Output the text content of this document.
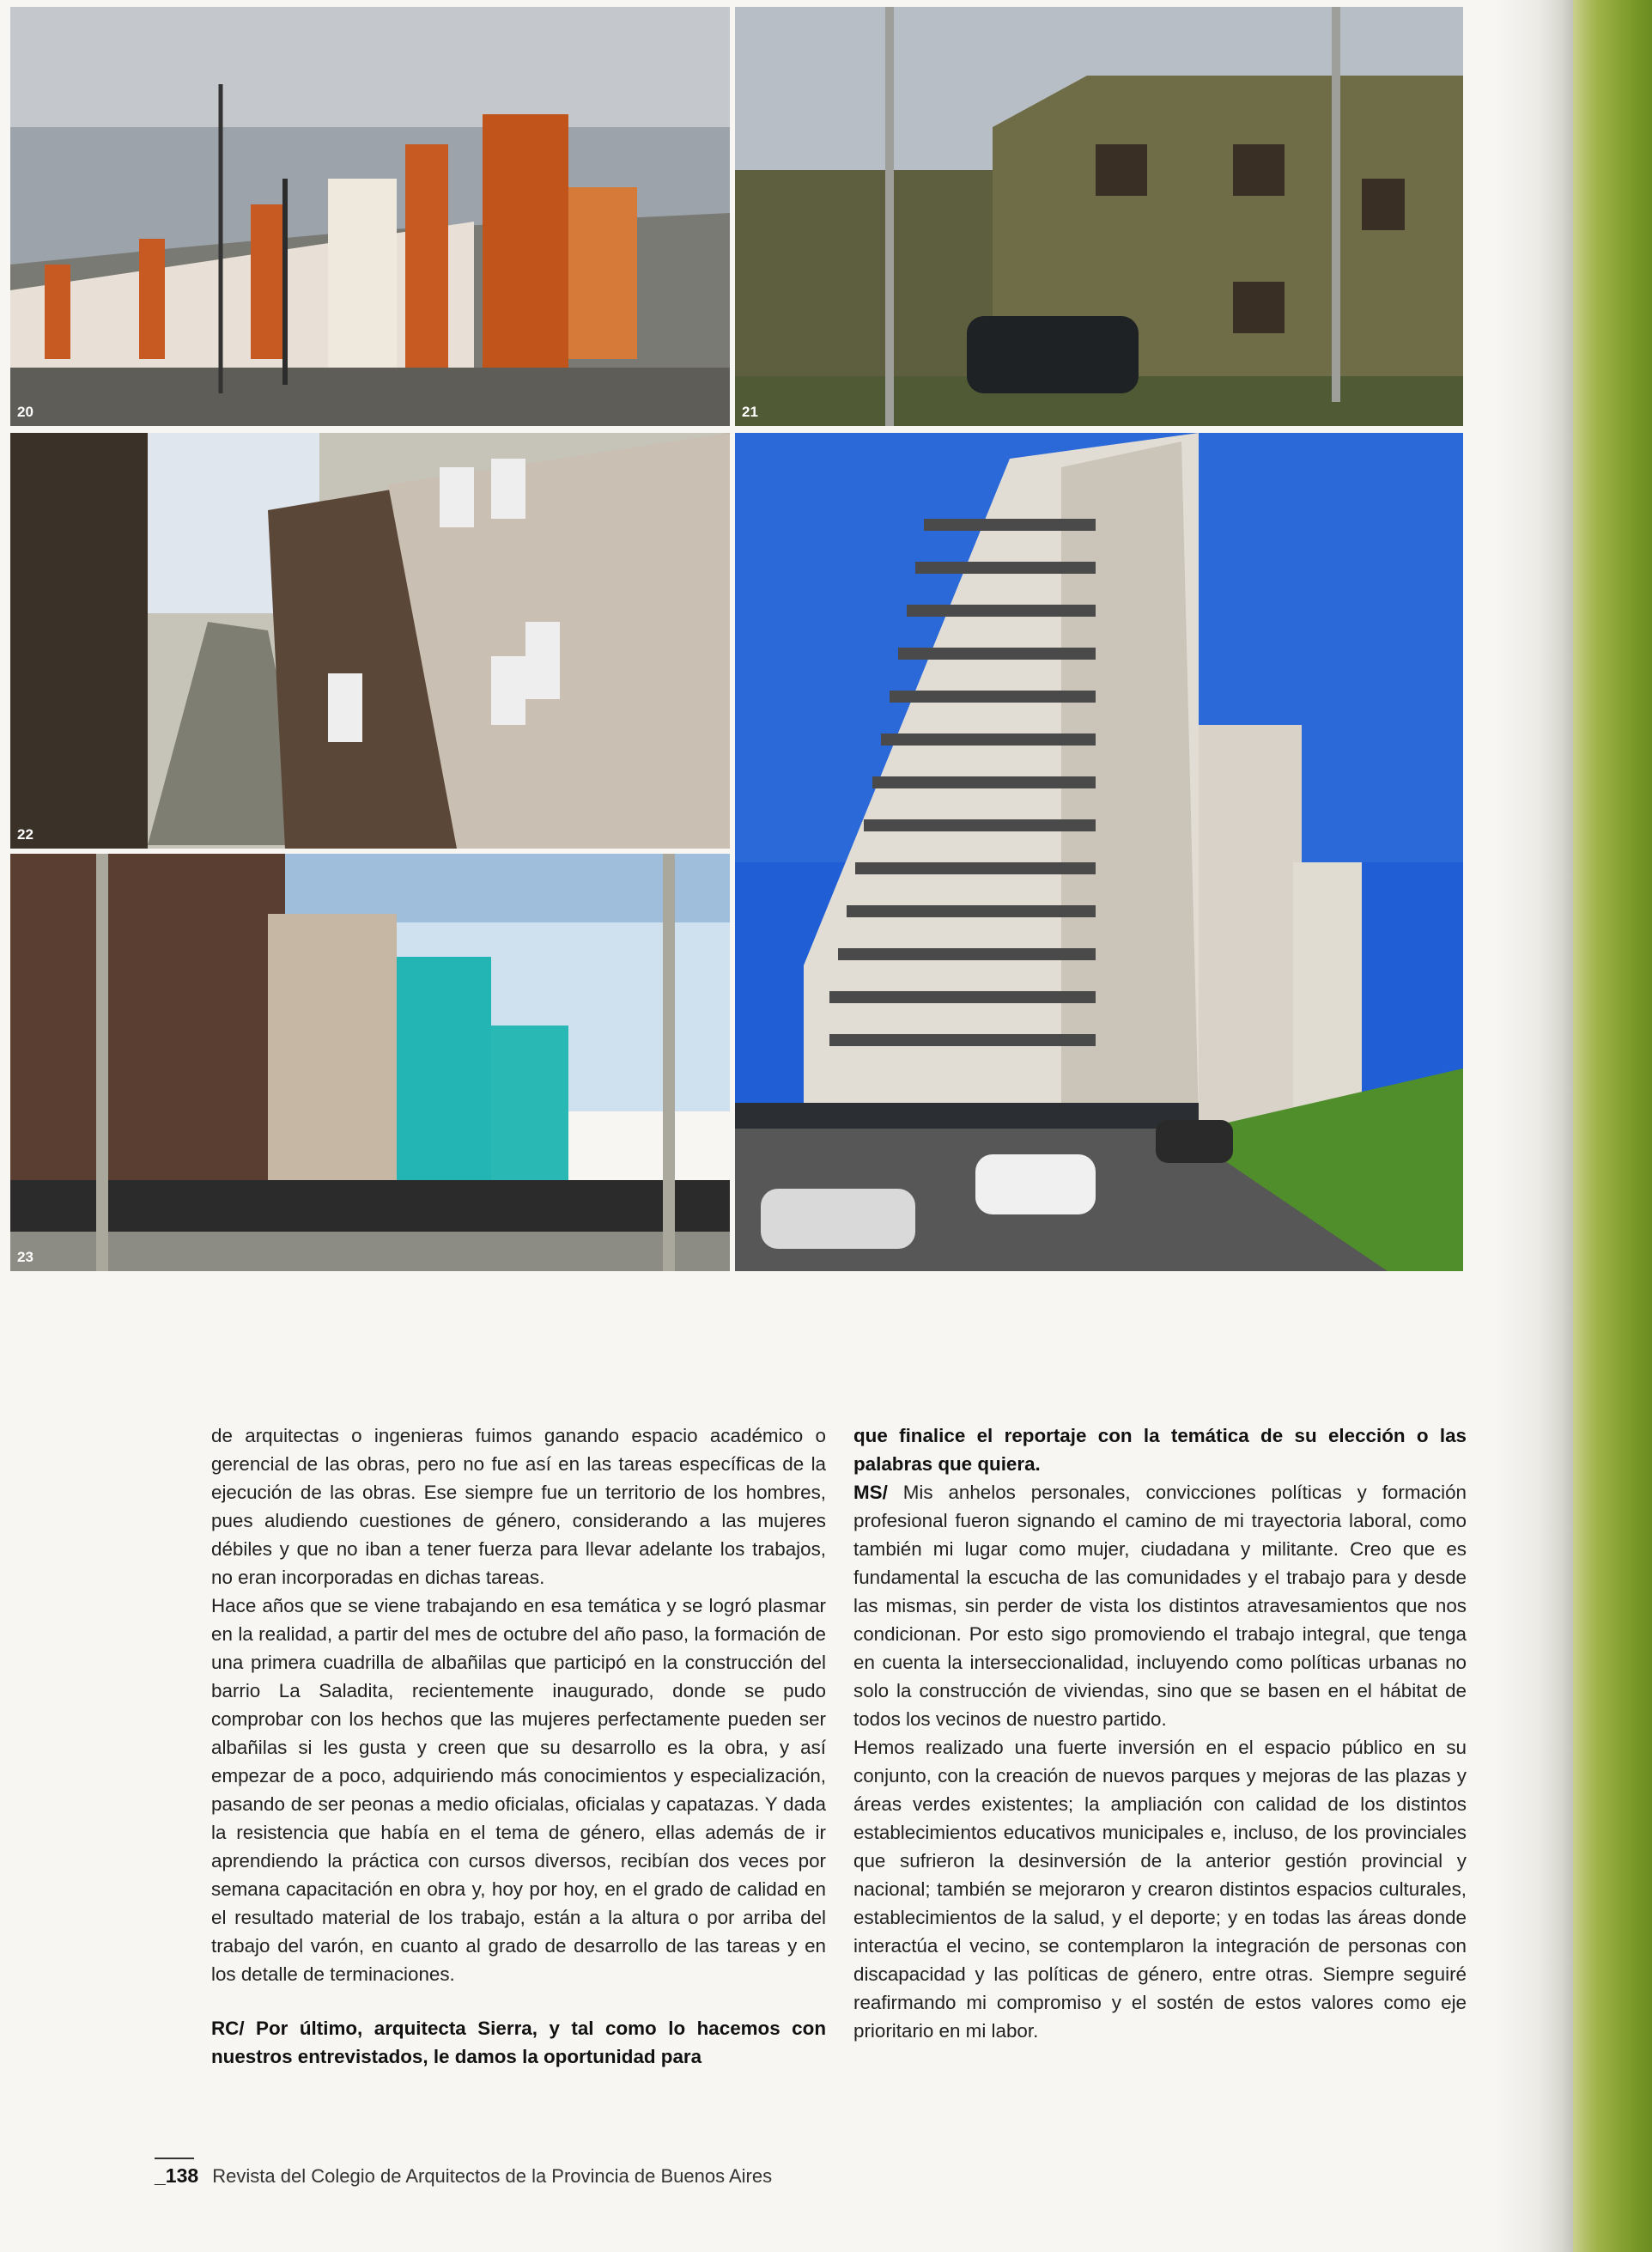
20	21
22
23

de arquitectas o ingenieras fuimos ganando espacio académico o gerencial de las obras, pero no fue así en las tareas específicas de la ejecución de las obras. Ese siempre fue un territorio de los hombres, pues aludiendo cuestiones de género, considerando a las mujeres débiles y que no iban a tener fuerza para llevar adelante los trabajos, no eran incorporadas en dichas tareas.

Hace años que se viene trabajando en esa temática y se logró plasmar en la realidad, a partir del mes de octubre del año paso, la formación de una primera cuadrilla de albañilas que participó en la construcción del barrio La Saladita, recientemente inaugurado, donde se pudo comprobar con los hechos que las mujeres perfectamente pueden ser albañilas si les gusta y creen que su desarrollo es la obra, y así empezar de a poco, adquiriendo más conocimientos y especialización, pasando de ser peonas a medio oficialas, oficialas y capatazas. Y dada la resistencia que había en el tema de género, ellas además de ir aprendiendo la práctica con cursos diversos, recibían dos veces por semana capacitación en obra y, hoy por hoy, en el grado de calidad en el resultado material de los trabajo, están a la altura o por arriba del trabajo del varón, en cuanto al grado de desarrollo de las tareas y en los detalle de terminaciones.

RC/ Por último, arquitecta Sierra, y tal como lo hacemos con nuestros entrevistados, le damos la oportunidad para

que finalice el reportaje con la temática de su elección o las palabras que quiera.

MS/ Mis anhelos personales, convicciones políticas y formación profesional fueron signando el camino de mi trayectoria laboral, como también mi lugar como mujer, ciudadana y militante. Creo que es fundamental la escucha de las comunidades y el trabajo para y desde las mismas, sin perder de vista los distintos atravesamientos que nos condicionan. Por esto sigo promoviendo el trabajo integral, que tenga en cuenta la interseccionalidad, incluyendo como políticas urbanas no solo la construcción de viviendas, sino que se basen en el hábitat de todos los vecinos de nuestro partido.

Hemos realizado una fuerte inversión en el espacio público en su conjunto, con la creación de nuevos parques y mejoras de las plazas y áreas verdes existentes; la ampliación con calidad de los distintos establecimientos educativos municipales e, incluso, de los provinciales que sufrieron la desinversión de la anterior gestión provincial y nacional; también se mejoraron y crearon distintos espacios culturales, establecimientos de la salud, y el deporte; y en todas las áreas donde interactúa el vecino, se contemplaron la integración de personas con discapacidad y las políticas de género, entre otras. Siempre seguiré reafirmando mi compromiso y el sostén de estos valores como eje prioritario en mi labor.

_138 Revista del Colegio de Arquitectos de la Provincia de Buenos Aires
